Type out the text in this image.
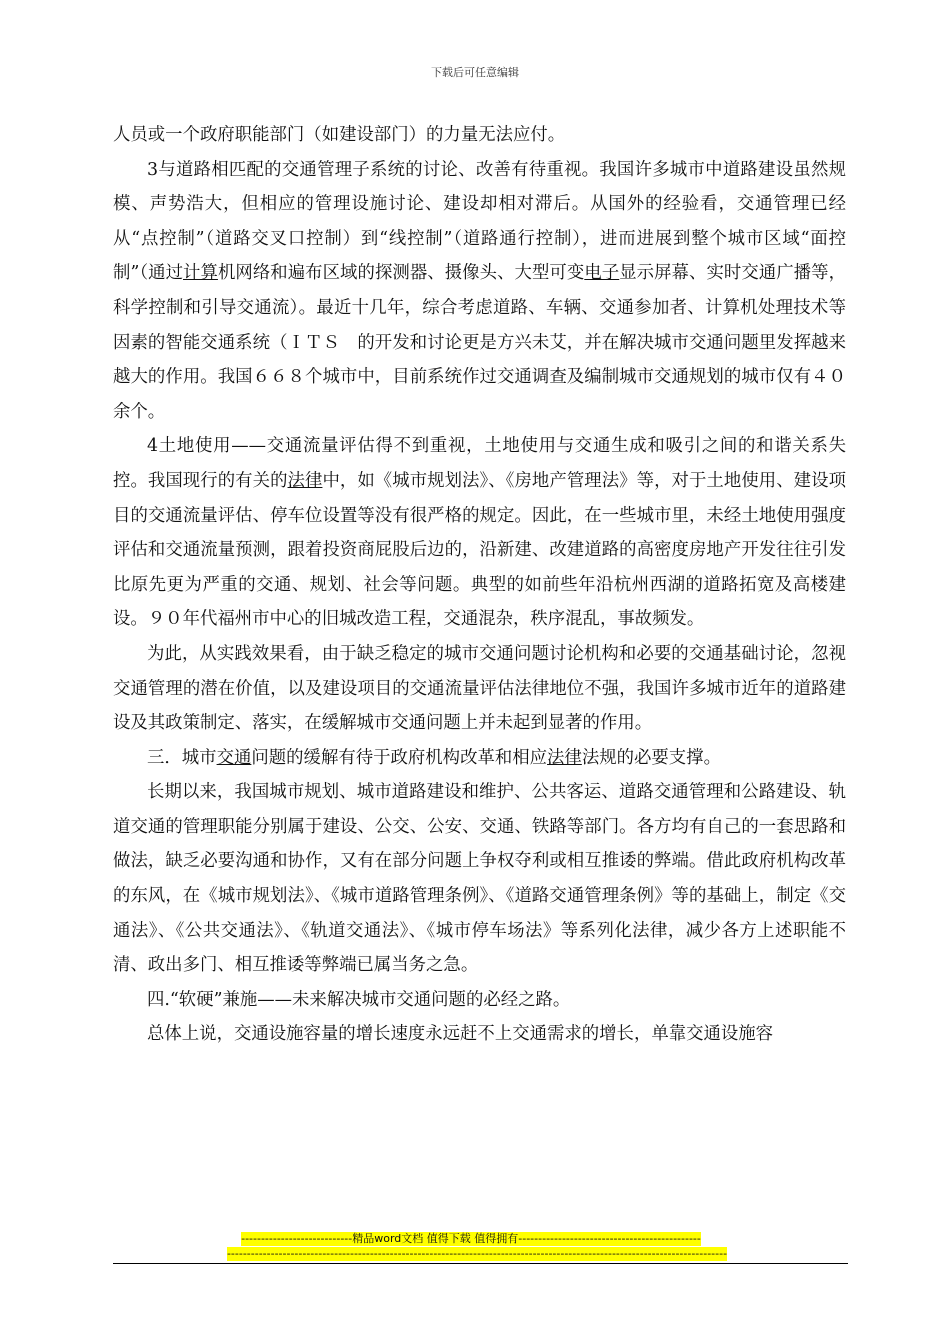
下载后可任意编辑

人员或一个政府职能部门（如建设部门）的力量无法应付。

3与道路相匹配的交通管理子系统的讨论、改善有待重视。我国许多城市中道路建设虽然规模、声势浩大，但相应的管理设施讨论、建设却相对滞后。从国外的经验看，交通管理已经从“点控制”（道路交叉口控制）到“线控制”（道路通行控制），进而进展到整个城市区域“面控制”（通过计算机网络和遍布区域的探测器、摄像头、大型可变电子显示屏幕、实时交通广播等，科学控制和引导交通流）。最近十几年，综合考虑道路、车辆、交通参加者、计算机处理技术等因素的智能交通系统（ＩＴＳ　的开发和讨论更是方兴未艾，并在解决城市交通问题里发挥越来越大的作用。我国６６８个城市中，目前系统作过交通调查及编制城市交通规划的城市仅有４０余个。

4土地使用——交通流量评估得不到重视，土地使用与交通生成和吸引之间的和谐关系失控。我国现行的有关的法律中，如《城市规划法》、《房地产管理法》等，对于土地使用、建设项目的交通流量评估、停车位设置等没有很严格的规定。因此，在一些城市里，未经土地使用强度评估和交通流量预测，跟着投资商屁股后边的，沿新建、改建道路的高密度房地产开发往往引发比原先更为严重的交通、规划、社会等问题。典型的如前些年沿杭州西湖的道路拓宽及高楼建设。９０年代福州市中心的旧城改造工程，交通混杂，秩序混乱，事故频发。

为此，从实践效果看，由于缺乏稳定的城市交通问题讨论机构和必要的交通基础讨论，忽视交通管理的潜在价值，以及建设项目的交通流量评估法律地位不强，我国许多城市近年的道路建设及其政策制定、落实，在缓解城市交通问题上并未起到显著的作用。

三．城市交通问题的缓解有待于政府机构改革和相应法律法规的必要支撑。

长期以来，我国城市规划、城市道路建设和维护、公共客运、道路交通管理和公路建设、轨道交通的管理职能分别属于建设、公交、公安、交通、铁路等部门。各方均有自己的一套思路和做法，缺乏必要沟通和协作，又有在部分问题上争权夺利或相互推诿的弊端。借此政府机构改革的东风，在《城市规划法》、《城市道路管理条例》、《道路交通管理条例》等的基础上，制定《交通法》、《公共交通法》、《轨道交通法》、《城市停车场法》等系列化法律，减少各方上述职能不清、政出多门、相互推诿等弊端已属当务之急。

四.“软硬”兼施——未来解决城市交通问题的必经之路。

总体上说，交通设施容量的增长速度永远赶不上交通需求的增长，单靠交通设施容

----------------------------精品word文档 值得下载 值得拥有----------------------------------------------
------------------------------------------------------------------------------------------------------------------------------
